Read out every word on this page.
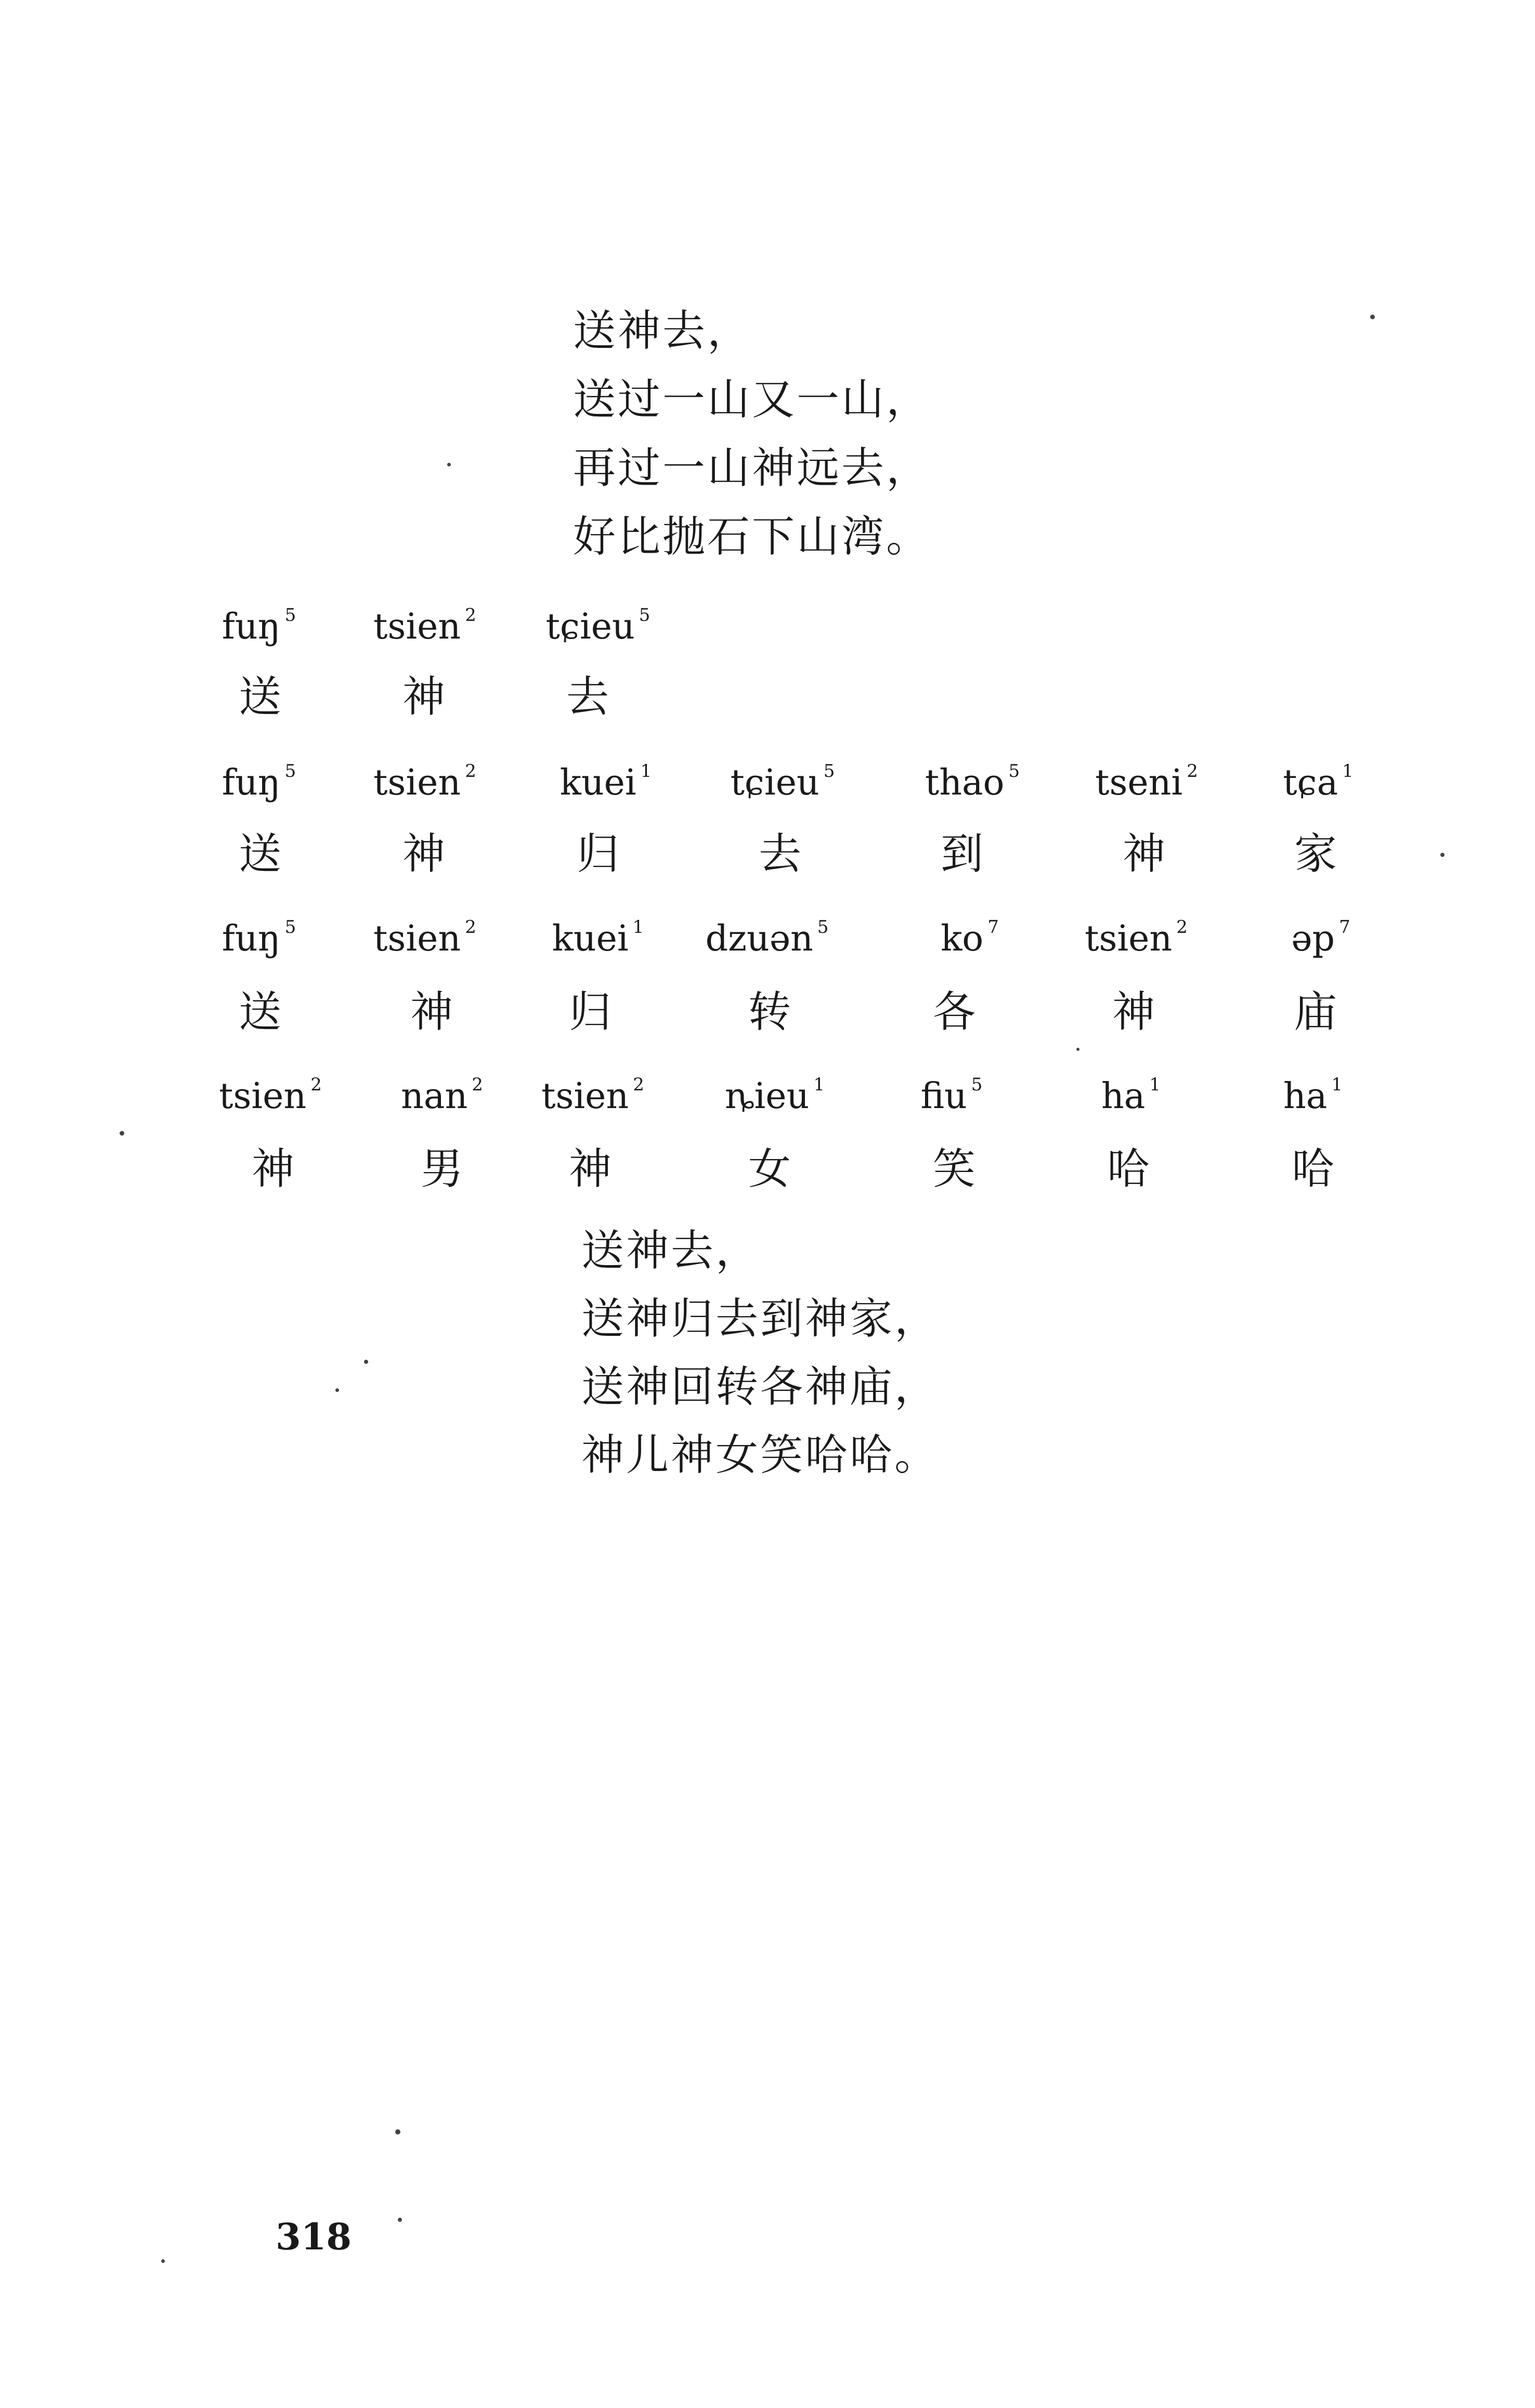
送神去，
送过一山又一山，
再过一山神远去，
好比抛石下山湾。
fuŋ $^5$
送
tsien $^2$
神
tɕieu $^5$
去
fuŋ $^5$
送
tsien $^2$
神
kuei $^1$
归
tɕieu $^5$
去
thao $^5$
到
tseni $^2$
神
tɕa $^1$
家
fuŋ $^5$
送
tsien $^2$
神
kuei $^1$
归
dzuən $^5$
转
ko $^7$
各
tsien $^2$
神
əp $^7$
庙
tsien $^2$
神
nan $^2$
男
tsien $^2$
神
ȵieu $^1$
女
fiu $^5$
笑
ha $^1$
哈
ha $^1$
哈
送神去，
送神归去到神家，
送神回转各神庙，
神儿神女笑哈哈。
318
